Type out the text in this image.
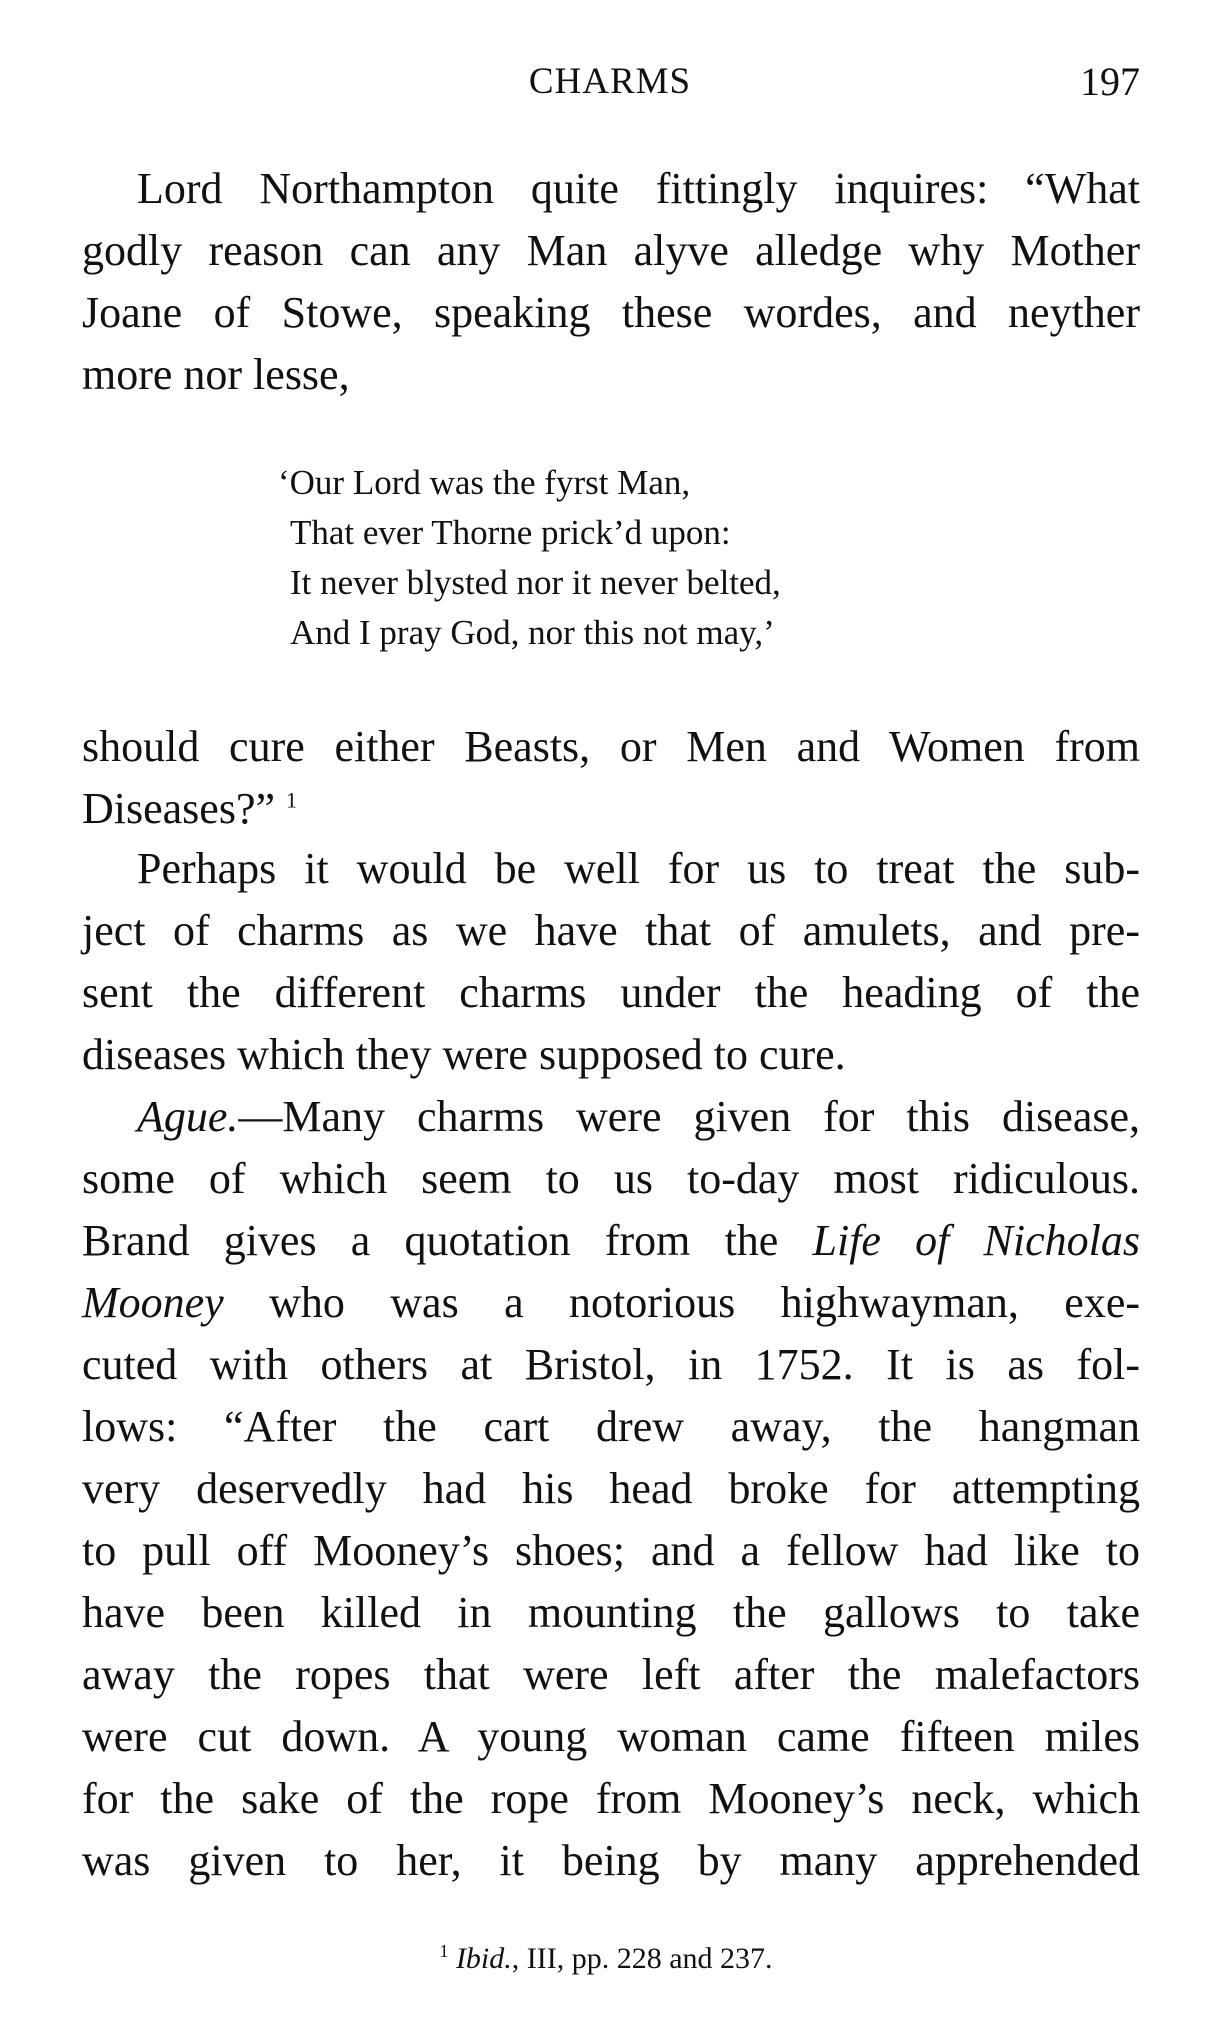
CHARMS	197
Lord Northampton quite fittingly inquires: “What
godly reason can any Man alyve alledge why Mother
Joane of Stowe, speaking these wordes, and neyther
more nor lesse,
‘Our Lord was the fyrst Man,
That ever Thorne prick’d upon:
It never blysted nor it never belted,
And I pray God, nor this not may,’
should cure either Beasts, or Men and Women from
Diseases?” $^1$
Perhaps it would be well for us to treat the sub-
ject of charms as we have that of amulets, and pre-
sent the different charms under the heading of the
diseases which they were supposed to cure.
Ague.—Many charms were given for this disease,
some of which seem to us to-day most ridiculous.
Brand gives a quotation from the Life of Nicholas
Mooney who was a notorious highwayman, exe-
cuted with others at Bristol, in 1752. It is as fol-
lows: “After the cart drew away, the hangman
very deservedly had his head broke for attempting
to pull off Mooney’s shoes; and a fellow had like to
have been killed in mounting the gallows to take
away the ropes that were left after the malefactors
were cut down. A young woman came fifteen miles
for the sake of the rope from Mooney’s neck, which
was given to her, it being by many apprehended
$^1$ Ibid., III, pp. 228 and 237.
